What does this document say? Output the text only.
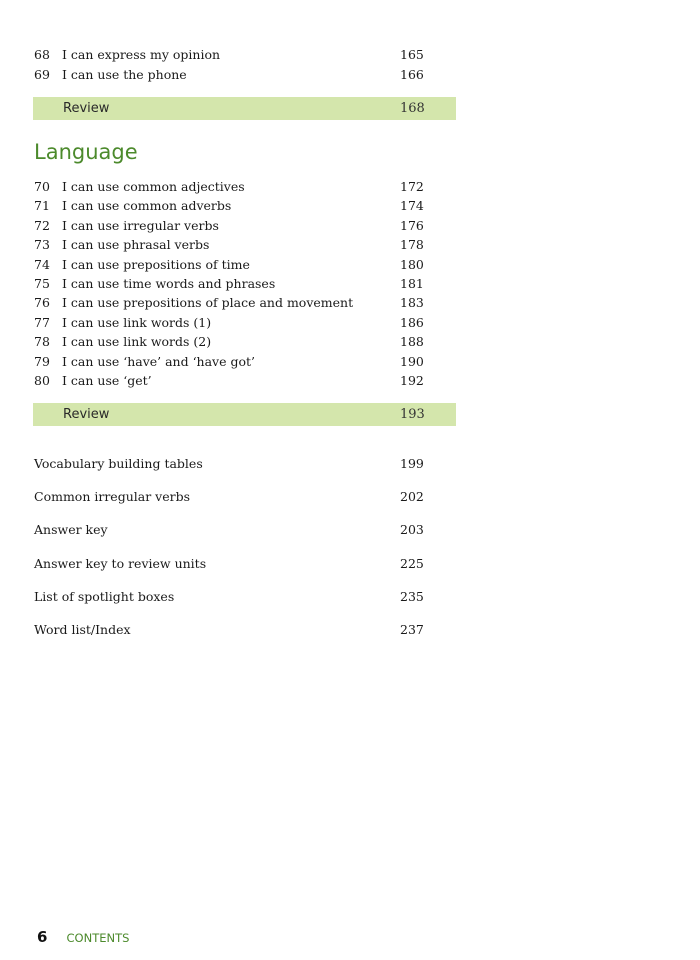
68 I can express my opinion	165
69 I can use the phone	166
Review	168
Language
70 I can use common adjectives	172
71 I can use common adverbs	174
72 I can use irregular verbs	176
73 I can use phrasal verbs	178
74 I can use prepositions of time	180
75 I can use time words and phrases	181
76 I can use prepositions of place and movement	183
77 I can use link words (1)	186
78 I can use link words (2)	188
79 I can use ‘have’ and ‘have got’	190
80 I can use ‘get’	192
Review	193
Vocabulary building tables	199
Common irregular verbs	202
Answer key	203
Answer key to review units	225
List of spotlight boxes	235
Word list/Index	237
6 CONTENTS
